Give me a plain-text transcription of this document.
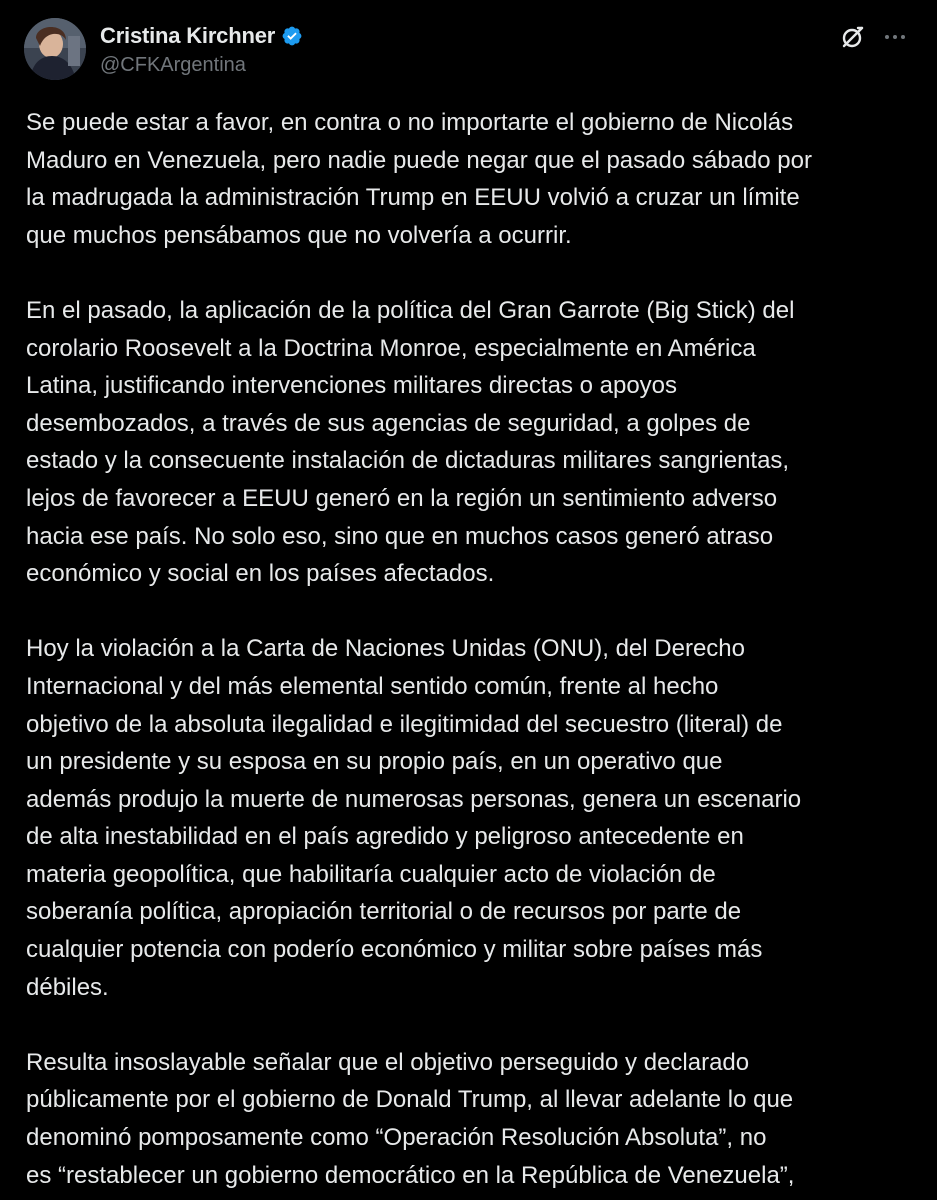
Cristina Kirchner
@CFKArgentina

Se puede estar a favor, en contra o no importarte el gobierno de Nicolás
Maduro en Venezuela, pero nadie puede negar que el pasado sábado por
la madrugada la administración Trump en EEUU volvió a cruzar un límite
que muchos pensábamos que no volvería a ocurrir.

En el pasado, la aplicación de la política del Gran Garrote (Big Stick) del
corolario Roosevelt a la Doctrina Monroe, especialmente en América
Latina, justificando intervenciones militares directas o apoyos
desembozados, a través de sus agencias de seguridad, a golpes de
estado y la consecuente instalación de dictaduras militares sangrientas,
lejos de favorecer a EEUU generó en la región un sentimiento adverso
hacia ese país. No solo eso, sino que en muchos casos generó atraso
económico y social en los países afectados.

Hoy la violación a la Carta de Naciones Unidas (ONU), del Derecho
Internacional y del más elemental sentido común, frente al hecho
objetivo de la absoluta ilegalidad e ilegitimidad del secuestro (literal) de
un presidente y su esposa en su propio país, en un operativo que
además produjo la muerte de numerosas personas, genera un escenario
de alta inestabilidad en el país agredido y peligroso antecedente en
materia geopolítica, que habilitaría cualquier acto de violación de
soberanía política, apropiación territorial o de recursos por parte de
cualquier potencia con poderío económico y militar sobre países más
débiles.

Resulta insoslayable señalar que el objetivo perseguido y declarado
públicamente por el gobierno de Donald Trump, al llevar adelante lo que
denominó pomposamente como “Operación Resolución Absoluta”, no
es “restablecer un gobierno democrático en la República de Venezuela”,
